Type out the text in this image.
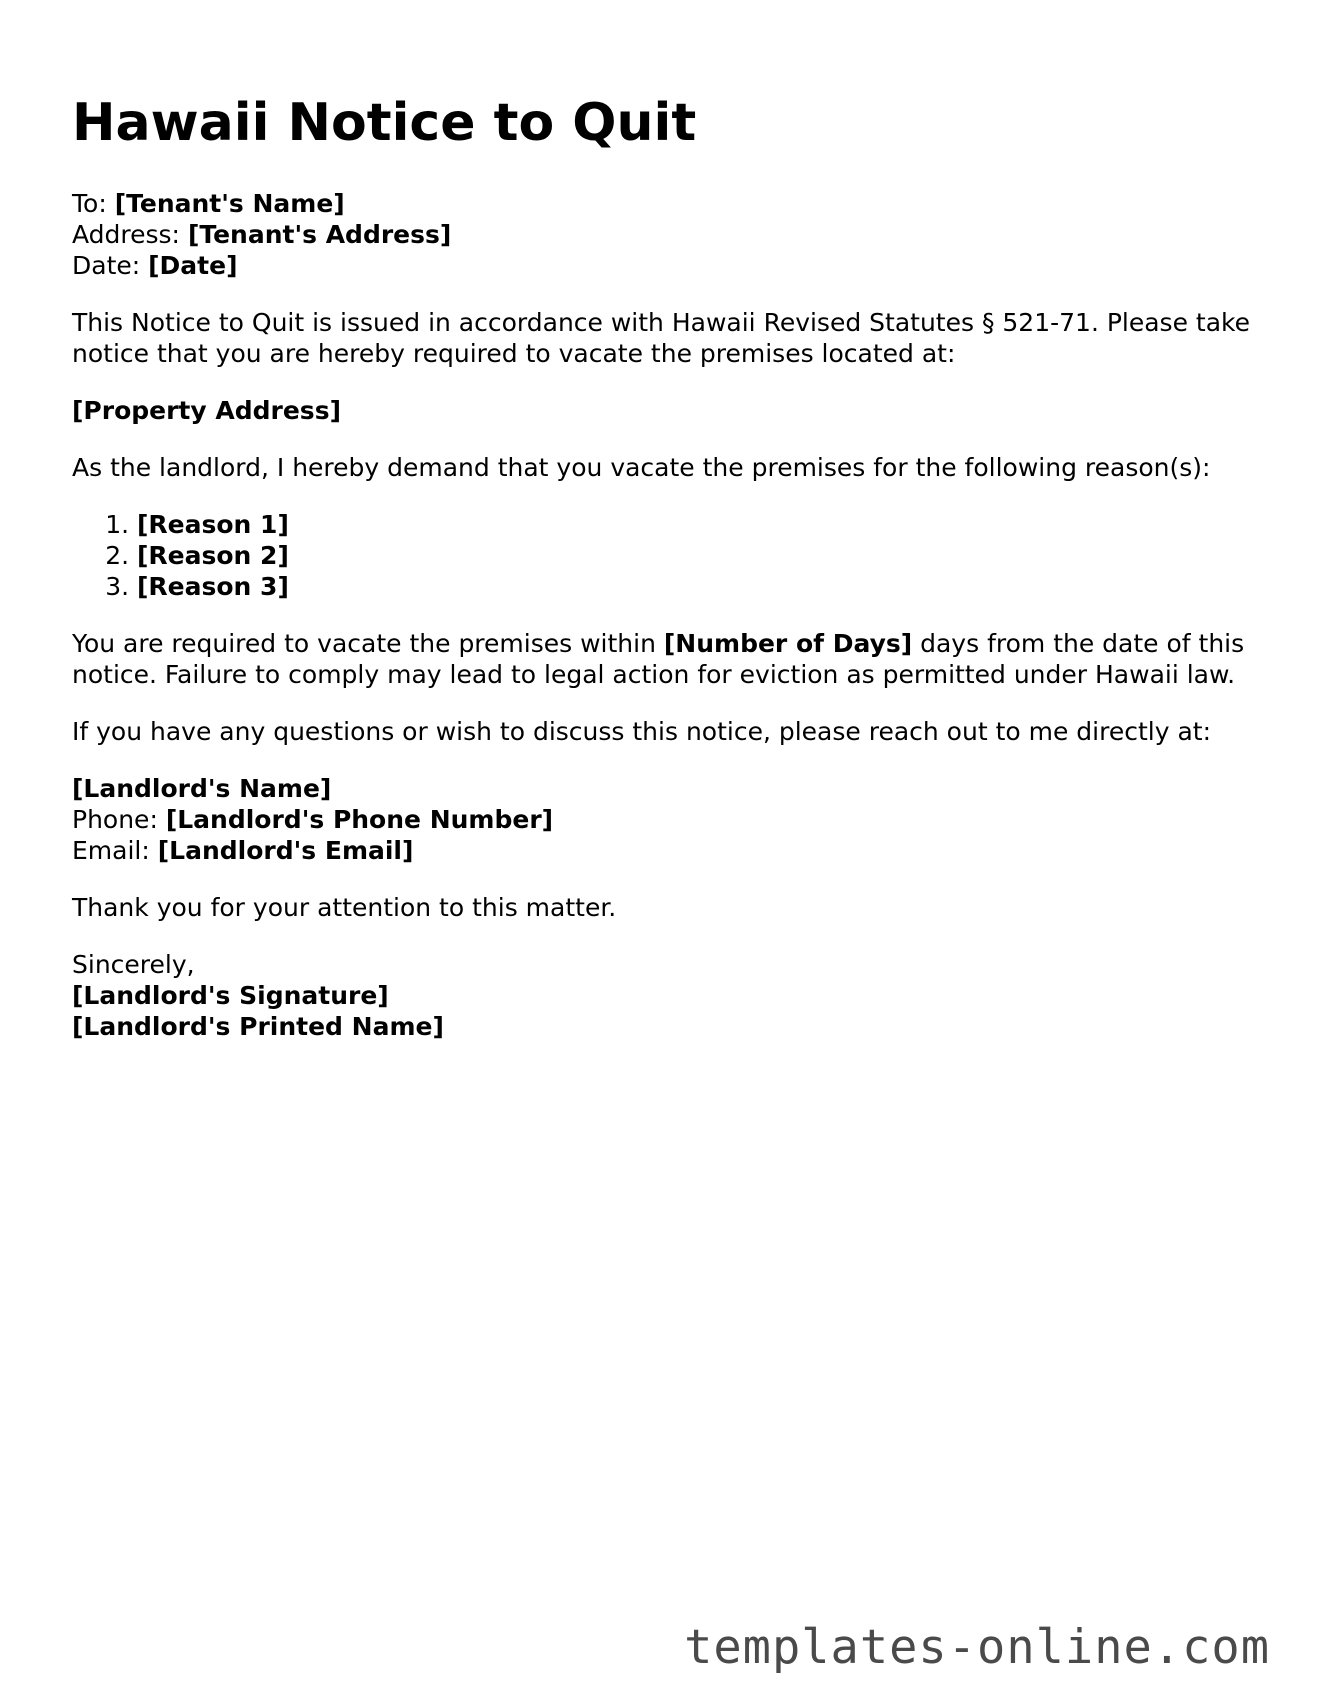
Hawaii Notice to Quit
To: [Tenant's Name]
Address: [Tenant's Address]
Date: [Date]
This Notice to Quit is issued in accordance with Hawaii Revised Statutes § 521-71. Please take notice that you are hereby required to vacate the premises located at:
[Property Address]
As the landlord, I hereby demand that you vacate the premises for the following reason(s):
1. [Reason 1]
2. [Reason 2]
3. [Reason 3]
You are required to vacate the premises within [Number of Days] days from the date of this notice. Failure to comply may lead to legal action for eviction as permitted under Hawaii law.
If you have any questions or wish to discuss this notice, please reach out to me directly at:
[Landlord's Name]
Phone: [Landlord's Phone Number]
Email: [Landlord's Email]
Thank you for your attention to this matter.
Sincerely,
[Landlord's Signature]
[Landlord's Printed Name]
templates-online.com
